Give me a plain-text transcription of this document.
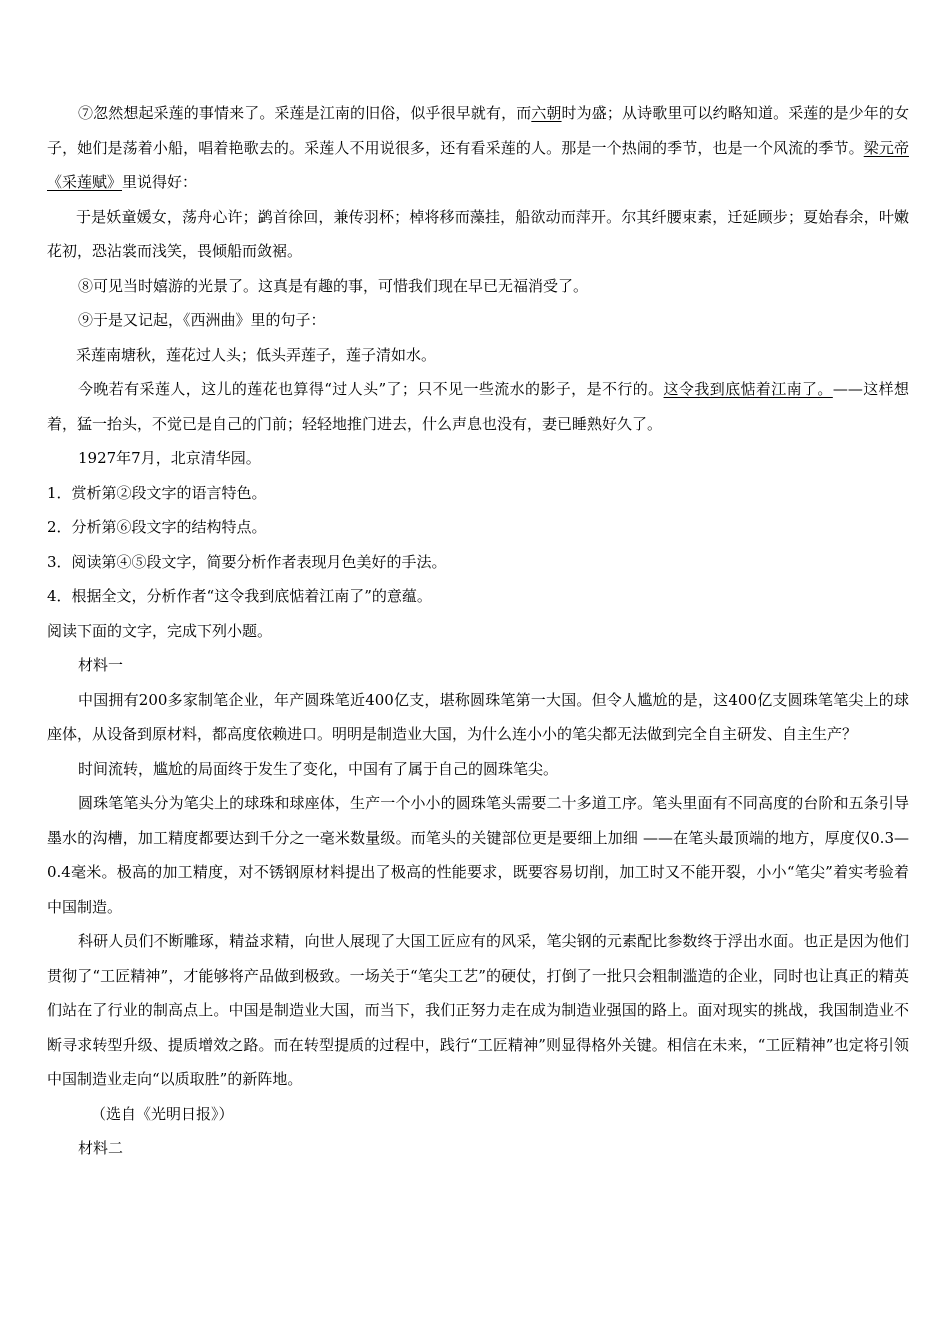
⑦忽然想起采莲的事情来了。采莲是江南的旧俗，似乎很早就有，而六朝时为盛；从诗歌里可以约略知道。采莲的是少年的女子，她们是荡着小船，唱着艳歌去的。采莲人不用说很多，还有看采莲的人。那是一个热闹的季节，也是一个风流的季节。梁元帝《采莲赋》里说得好：

于是妖童媛女，荡舟心许；鹢首徐回，兼传羽杯；棹将移而藻挂，船欲动而萍开。尔其纤腰束素，迁延顾步；夏始春余，叶嫩花初，恐沾裳而浅笑，畏倾船而敛裾。

⑧可见当时嬉游的光景了。这真是有趣的事，可惜我们现在早已无福消受了。

⑨于是又记起，《西洲曲》里的句子：

采莲南塘秋，莲花过人头；低头弄莲子，莲子清如水。

今晚若有采莲人，这儿的莲花也算得“过人头”了；只不见一些流水的影子，是不行的。这令我到底惦着江南了。——这样想着，猛一抬头，不觉已是自己的门前；轻轻地推门进去，什么声息也没有，妻已睡熟好久了。

1927年7月，北京清华园。

1．赏析第②段文字的语言特色。

2．分析第⑥段文字的结构特点。

3．阅读第④⑤段文字，简要分析作者表现月色美好的手法。

4．根据全文，分析作者“这令我到底惦着江南了”的意蕴。

阅读下面的文字，完成下列小题。

材料一

中国拥有200多家制笔企业，年产圆珠笔近400亿支，堪称圆珠笔第一大国。但令人尴尬的是，这400亿支圆珠笔笔尖上的球座体，从设备到原材料，都高度依赖进口。明明是制造业大国，为什么连小小的笔尖都无法做到完全自主研发、自主生产？

时间流转，尴尬的局面终于发生了变化，中国有了属于自己的圆珠笔尖。

圆珠笔笔头分为笔尖上的球珠和球座体，生产一个小小的圆珠笔头需要二十多道工序。笔头里面有不同高度的台阶和五条引导墨水的沟槽，加工精度都要达到千分之一毫米数量级。而笔头的关键部位更是要细上加细 ——在笔头最顶端的地方，厚度仅0.3—0.4毫米。极高的加工精度，对不锈钢原材料提出了极高的性能要求，既要容易切削，加工时又不能开裂，小小“笔尖”着实考验着中国制造。

科研人员们不断雕琢，精益求精，向世人展现了大国工匠应有的风采，笔尖钢的元素配比参数终于浮出水面。也正是因为他们贯彻了“工匠精神”，才能够将产品做到极致。一场关于“笔尖工艺”的硬仗，打倒了一批只会粗制滥造的企业，同时也让真正的精英们站在了行业的制高点上。中国是制造业大国，而当下，我们正努力走在成为制造业强国的路上。面对现实的挑战，我国制造业不断寻求转型升级、提质增效之路。而在转型提质的过程中，践行“工匠精神”则显得格外关键。相信在未来，“工匠精神”也定将引领中国制造业走向“以质取胜”的新阵地。

（选自《光明日报》）

材料二
